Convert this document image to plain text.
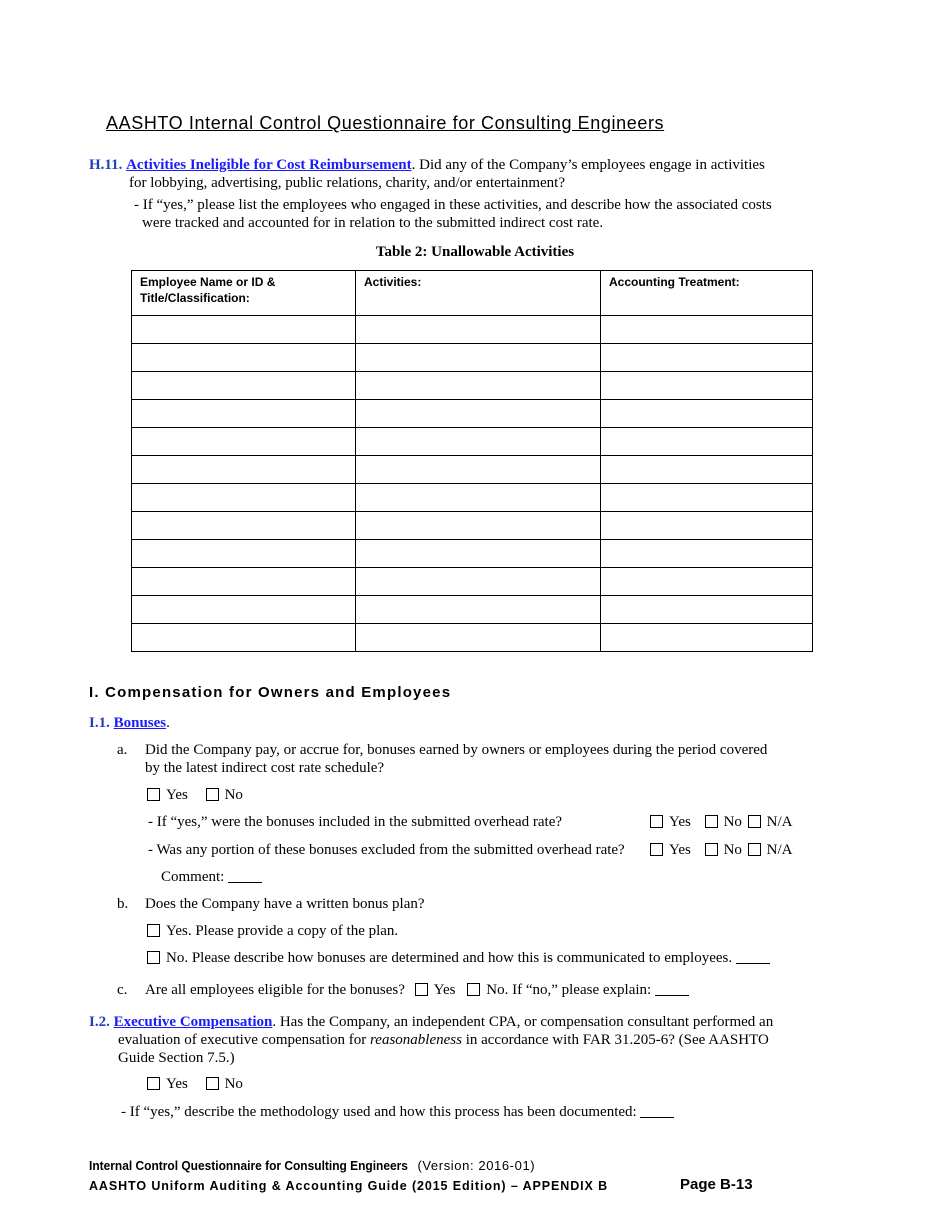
AASHTO Internal Control Questionnaire for Consulting Engineers
H.11. Activities Ineligible for Cost Reimbursement. Did any of the Company’s employees engage in activities
for lobbying, advertising, public relations, charity, and/or entertainment?
- If “yes,” please list the employees who engaged in these activities, and describe how the associated costs
were tracked and accounted for in relation to the submitted indirect cost rate.
Table 2: Unallowable Activities
Employee Name or ID &
Title/Classification:	Activities:	Accounting Treatment:

I. Compensation for Owners and Employees
I.1. Bonuses.
a. Did the Company pay, or accrue for, bonuses earned by owners or employees during the period covered
by the latest indirect cost rate schedule?
Yes No
- If “yes,” were the bonuses included in the submitted overhead rate?	Yes No N/A
- Was any portion of these bonuses excluded from the submitted overhead rate?	Yes No N/A
Comment:
b. Does the Company have a written bonus plan?
Yes. Please provide a copy of the plan.
No. Please describe how bonuses are determined and how this is communicated to employees.
c. Are all employees eligible for the bonuses? Yes No. If “no,” please explain:
I.2. Executive Compensation. Has the Company, an independent CPA, or compensation consultant performed an
evaluation of executive compensation for reasonableness in accordance with FAR 31.205-6? (See AASHTO
Guide Section 7.5.)
Yes No
- If “yes,” describe the methodology used and how this process has been documented:
Internal Control Questionnaire for Consulting Engineers (Version: 2016-01)
AASHTO Uniform Auditing & Accounting Guide (2015 Edition) – APPENDIX B	Page B-13
